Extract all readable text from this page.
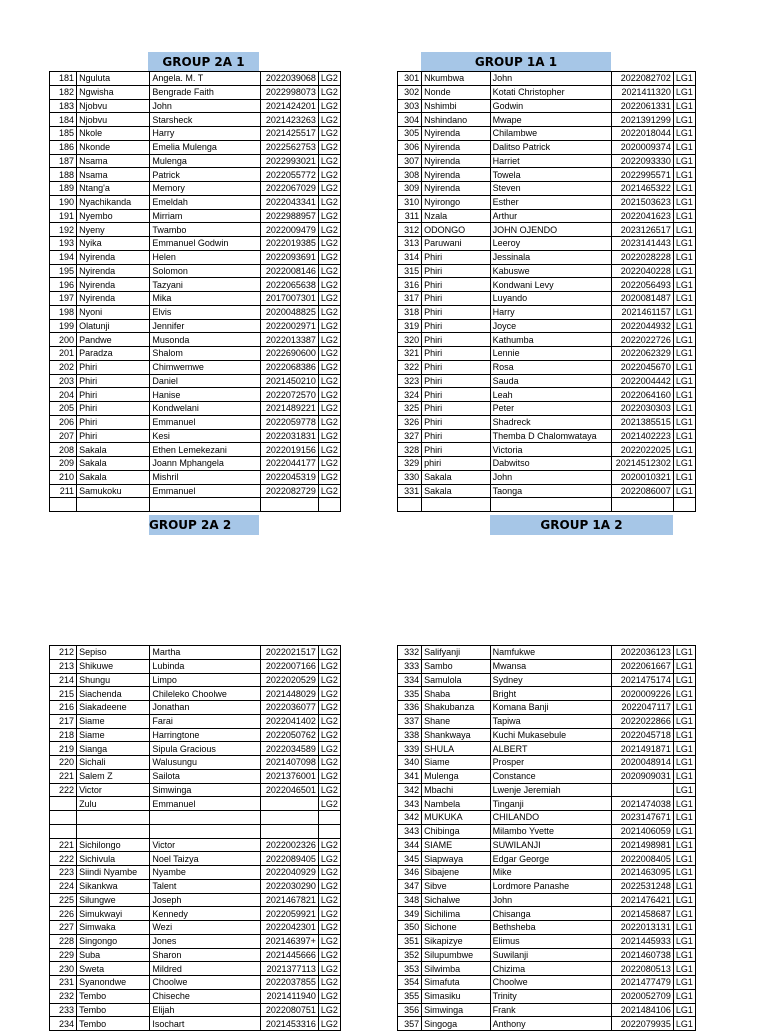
GROUP 2A 1	GROUP 1A 1
181	Nguluta	Angela. M. T	2022039068	LG2
182	Ngwisha	Bengrade Faith	2022998073	LG2
183	Njobvu	John	2021424201	LG2
184	Njobvu	Starsheck	2021423263	LG2
185	Nkole	Harry	2021425517	LG2
186	Nkonde	Emelia Mulenga	2022562753	LG2
187	Nsama	Mulenga	2022993021	LG2
188	Nsama	Patrick	2022055772	LG2
189	Ntang'a	Memory	2022067029	LG2
190	Nyachikanda	Emeldah	2022043341	LG2
191	Nyembo	Mirriam	2022988957	LG2
192	Nyeny	Twambo	2022009479	LG2
193	Nyika	Emmanuel Godwin	2022019385	LG2
194	Nyirenda	Helen	2022093691	LG2
195	Nyirenda	Solomon	2022008146	LG2
196	Nyirenda	Tazyani	2022065638	LG2
197	Nyirenda	Mika	2017007301	LG2
198	Nyoni	Elvis	2020048825	LG2
199	Olatunji	Jennifer	2022002971	LG2
200	Pandwe	Musonda	2022013387	LG2
201	Paradza	Shalom	2022690600	LG2
202	Phiri	Chimwemwe	2022068386	LG2
203	Phiri	Daniel	2021450210	LG2
204	Phiri	Hanise	2022072570	LG2
205	Phiri	Kondwelani	2021489221	LG2
206	Phiri	Emmanuel	2022059778	LG2
207	Phiri	Kesi	2022031831	LG2
208	Sakala	Ethen Lemekezani	2022019156	LG2
209	Sakala	Joann Mphangela	2022044177	LG2
210	Sakala	Mishril	2022045319	LG2
211	Samukoku	Emmanuel	2022082729	LG2

301	Nkumbwa	John	2022082702	LG1
302	Nonde	Kotati Christopher	2021411320	LG1
303	Nshimbi	Godwin	2022061331	LG1
304	Nshindano	Mwape	2021391299	LG1
305	Nyirenda	Chilambwe	2022018044	LG1
306	Nyirenda	Dalitso Patrick	2020009374	LG1
307	Nyirenda	Harriet	2022093330	LG1
308	Nyirenda	Towela	2022995571	LG1
309	Nyirenda	Steven	2021465322	LG1
310	Nyirongo	Esther	2021503623	LG1
311	Nzala	Arthur	2022041623	LG1
312	ODONGO	JOHN OJENDO	2023126517	LG1
313	Paruwani	Leeroy	2023141443	LG1
314	Phiri	Jessinala	2022028228	LG1
315	Phiri	Kabuswe	2022040228	LG1
316	Phiri	Kondwani Levy	2022056493	LG1
317	Phiri	Luyando	2020081487	LG1
318	Phiri	Harry	2021461157	LG1
319	Phiri	Joyce	2022044932	LG1
320	Phiri	Kathumba	2022022726	LG1
321	Phiri	Lennie	2022062329	LG1
322	Phiri	Rosa	2022045670	LG1
323	Phiri	Sauda	2022004442	LG1
324	Phiri	Leah	2022064160	LG1
325	Phiri	Peter	2022030303	LG1
326	Phiri	Shadreck	2021385515	LG1
327	Phiri	Themba D Chalomwataya	2021402223	LG1
328	Phiri	Victoria	2022022025	LG1
329	phiri	Dabwitso	20214512302	LG1
330	Sakala	John	2020010321	LG1
331	Sakala	Taonga	2022086007	LG1

GROUP 2A 2	GROUP 1A 2
212	Sepiso	Martha	2022021517	LG2
213	Shikuwe	Lubinda	2022007166	LG2
214	Shungu	Limpo	2022020529	LG2
215	Siachenda	Chileleko Choolwe	2021448029	LG2
216	Siakadeene	Jonathan	2022036077	LG2
217	Siame	Farai	2022041402	LG2
218	Siame	Harringtone	2022050762	LG2
219	Sianga	Sipula Gracious	2022034589	LG2
220	Sichali	Walusungu	2021407098	LG2
221	Salem Z	Sailota	2021376001	LG2
222	Victor	Simwinga	2022046501	LG2
	Zulu	Emmanuel		LG2

221	Sichilongo	Victor	2022002326	LG2
222	Sichivula	Noel Taizya	2022089405	LG2
223	Siindi Nyambe	Nyambe	2022040929	LG2
224	Sikankwa	Talent	2022030290	LG2
225	Silungwe	Joseph	2021467821	LG2
226	Simukwayi	Kennedy	2022059921	LG2
227	Simwaka	Wezi	2022042301	LG2
228	Singongo	Jones	202146397+	LG2
229	Suba	Sharon	2021445666	LG2
230	Sweta	Mildred	2021377113	LG2
231	Syanondwe	Choolwe	2022037855	LG2
232	Tembo	Chiseche	2021411940	LG2
233	Tembo	Elijah	2022080751	LG2
234	Tembo	Isochart	2021453316	LG2
332	Salifyanji	Namfukwe	2022036123	LG1
333	Sambo	Mwansa	2022061667	LG1
334	Samulola	Sydney	2021475174	LG1
335	Shaba	Bright	2020009226	LG1
336	Shakubanza	Komana Banji	2022047117	LG1
337	Shane	Tapiwa	2022022866	LG1
338	Shankwaya	Kuchi Mukasebule	2022045718	LG1
339	SHULA	ALBERT	2021491871	LG1
340	Siame	Prosper	2020048914	LG1
341	Mulenga	Constance	2020909031	LG1
342	Mbachi	Lwenje Jeremiah		LG1
343	Nambela	Tinganji	2021474038	LG1
342	MUKUKA	CHILANDO	2023147671	LG1
343	Chibinga	Milambo Yvette	2021406059	LG1
344	SIAME	SUWILANJI	2021498981	LG1
345	Siapwaya	Edgar George	2022008405	LG1
346	Sibajene	Mike	2021463095	LG1
347	Sibve	Lordmore Panashe	2022531248	LG1
348	Sichalwe	John	2021476421	LG1
349	Sichilima	Chisanga	2021458687	LG1
350	Sichone	Bethsheba	2022013131	LG1
351	Sikapizye	Elimus	2021445933	LG1
352	Silupumbwe	Suwilanji	2021460738	LG1
353	Silwimba	Chizima	2022080513	LG1
354	Simafuta	Choolwe	2021477479	LG1
355	Simasiku	Trinity	2020052709	LG1
356	Simwinga	Frank	2021484106	LG1
357	Singoga	Anthony	2022079935	LG1
